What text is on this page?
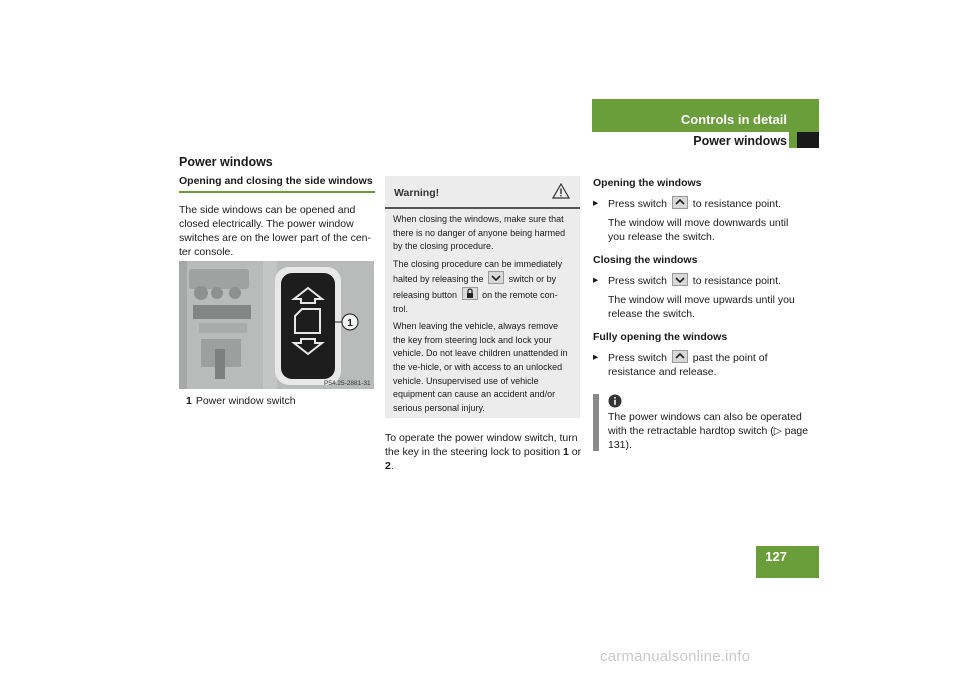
Controls in detail
Power windows
Power windows
Opening and closing the side windows

The side windows can be opened and closed electrically. The power window switches are on the lower part of the cen-ter console.

1
P54.25-2881-31
1 Power window switch
Warning!

When closing the windows, make sure that there is no danger of anyone being harmed by the closing procedure.

The closing procedure can be immediately halted by releasing the	switch or by releasing button	on the remote con-trol.

When leaving the vehicle, always remove the key from steering lock and lock your vehicle. Do not leave children unattended in the ve-hicle, or with access to an unlocked vehicle. Unsupervised use of vehicle equipment can cause an accident and/or serious personal injury.

To operate the power window switch, turn the key in the steering lock to position 1 or 2.
Opening the windows
▸ Press switch to resistance point.
The window will move downwards until you release the switch.
Closing the windows
▸ Press switch to resistance point.
The window will move upwards until you release the switch.
Fully opening the windows
▸ Press switch past the point of resistance and release.
The power windows can also be operated with the retractable hardtop switch (▷ page 131).
127
carmanualsonline.info
